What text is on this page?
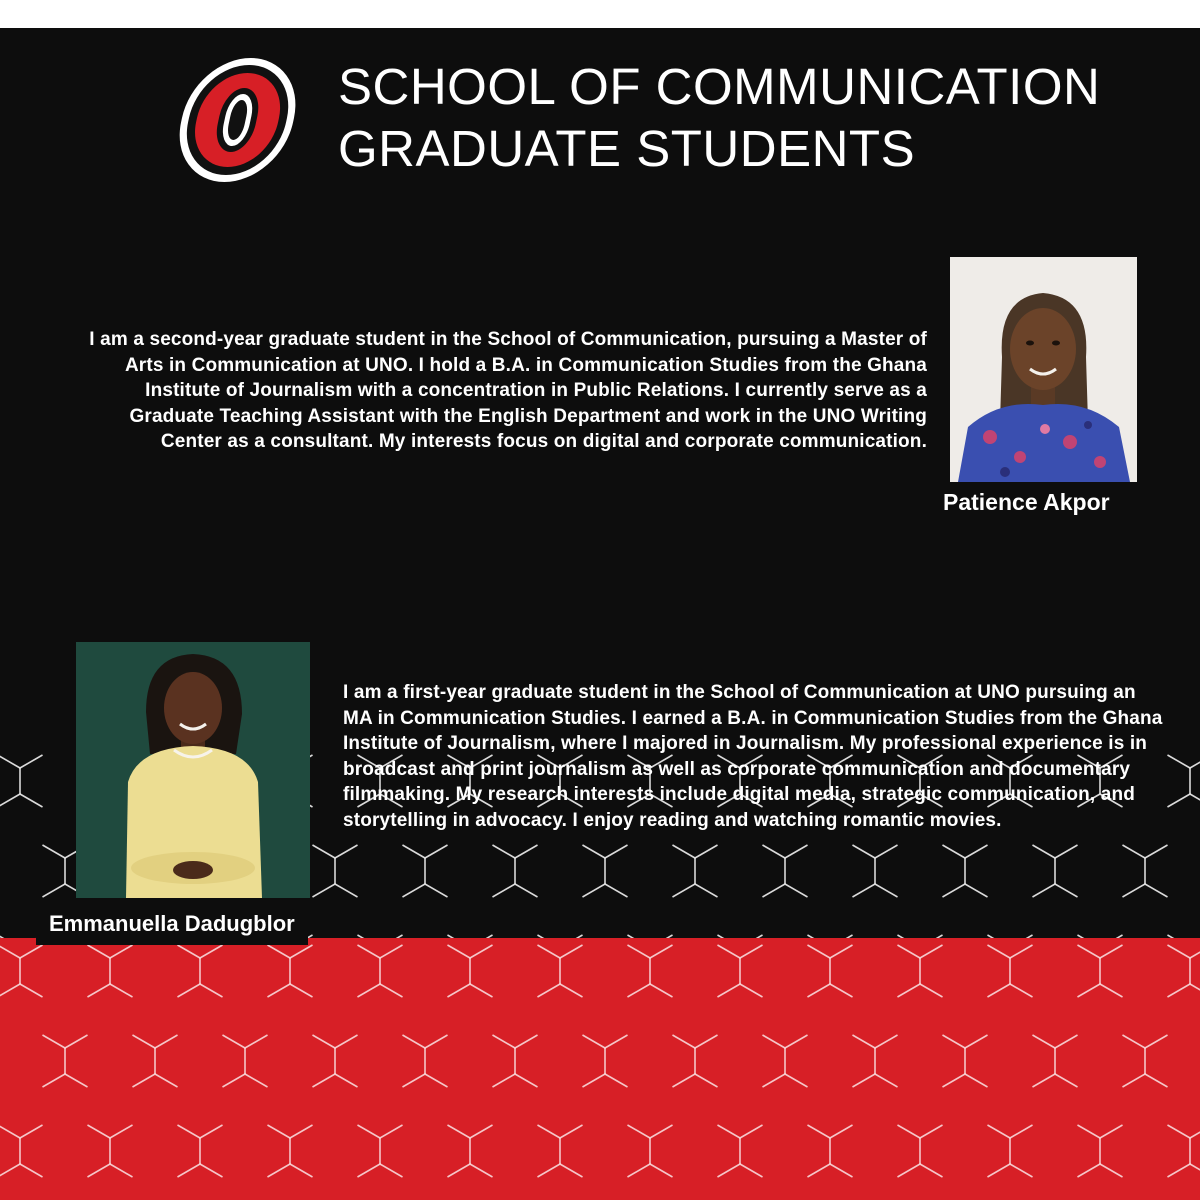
SCHOOL OF COMMUNICATION
GRADUATE STUDENTS
I am a second-year graduate student in the School of Communication, pursuing a Master of Arts in Communication at UNO. I hold a B.A. in Communication Studies from the Ghana Institute of Journalism with a concentration in Public Relations. I currently serve as a Graduate Teaching Assistant with the English Department and work in the UNO Writing Center as a consultant. My interests focus on digital and corporate communication.
Patience Akpor
Emmanuella Dadugblor
I am a first-year graduate student in the School of Communication at UNO pursuing an MA in Communication Studies. I earned a B.A. in Communication Studies from the Ghana Institute of Journalism, where I majored in Journalism. My professional experience is in broadcast and print journalism as well as corporate communication and documentary filmmaking. My research interests include digital media, strategic communication, and storytelling in advocacy. I enjoy reading and watching romantic movies.
